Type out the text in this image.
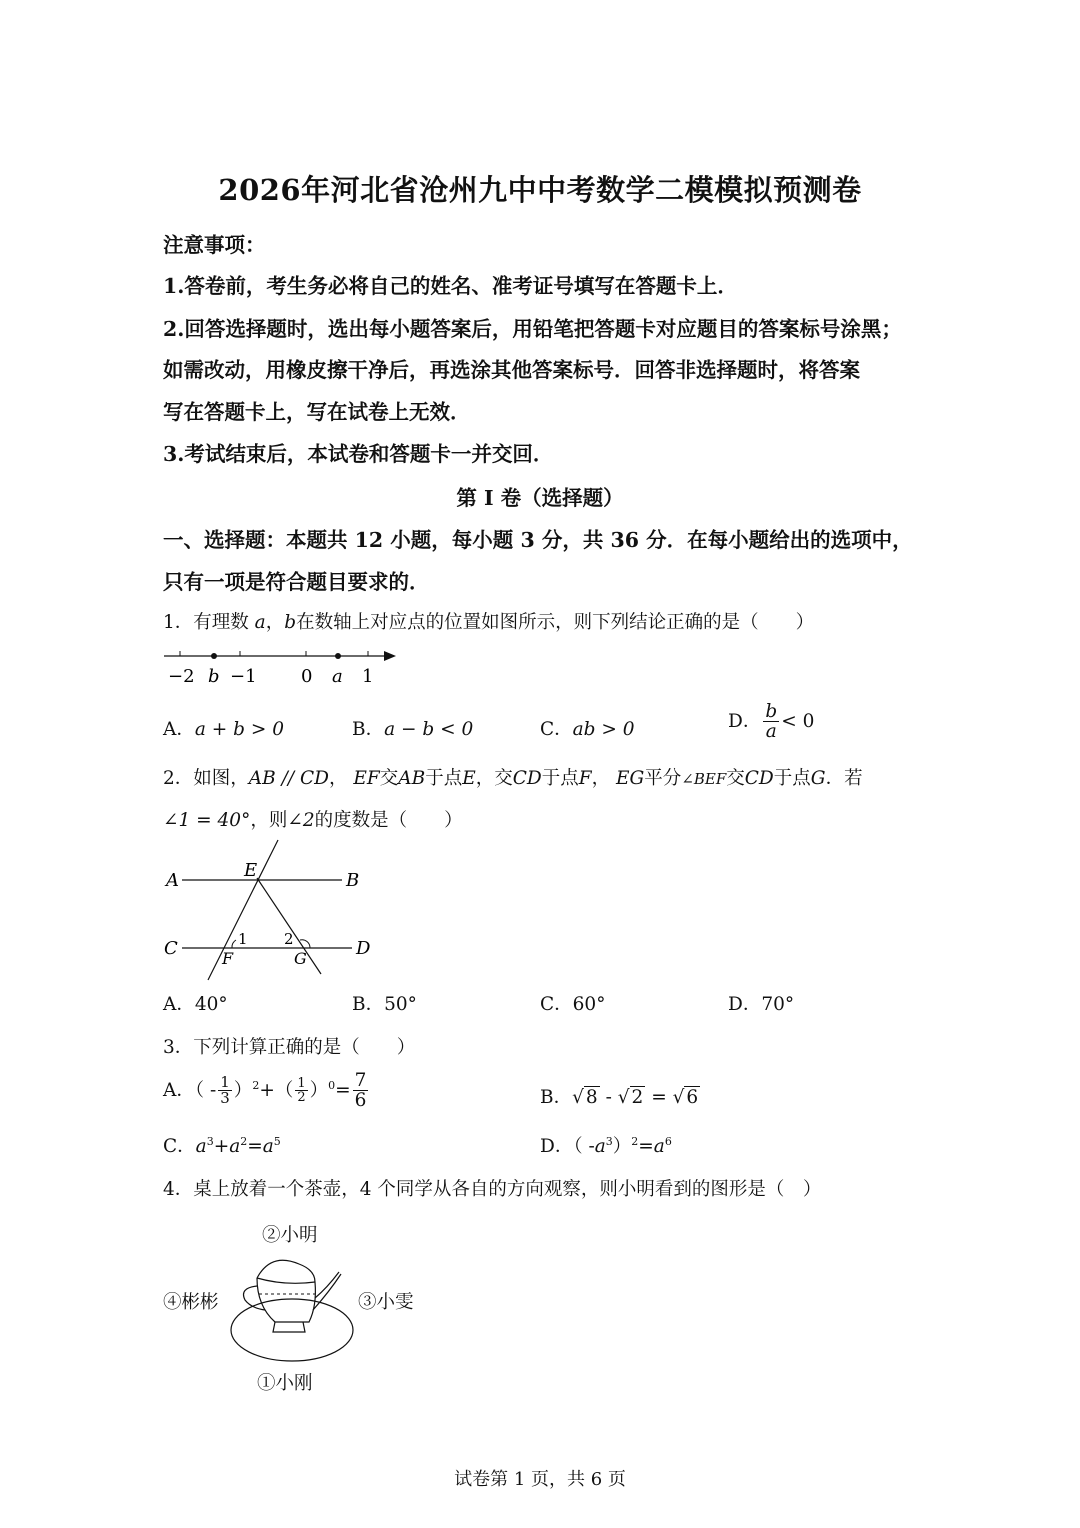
2026年河北省沧州九中中考数学二模模拟预测卷
注意事项：
1.答卷前，考生务必将自己的姓名、准考证号填写在答题卡上．
2.回答选择题时，选出每小题答案后，用铅笔把答题卡对应题目的答案标号涂黑；
如需改动，用橡皮擦干净后，再选涂其他答案标号．回答非选择题时，将答案
写在答题卡上，写在试卷上无效．
3.考试结束后，本试卷和答题卡一并交回．
第 I 卷（选择题）
一、选择题：本题共 12 小题，每小题 3 分，共 36 分．在每小题给出的选项中，
只有一项是符合题目要求的．
1．有理数 a，b在数轴上对应点的位置如图所示，则下列结论正确的是（　　）
−2 b −1 0 a 1
A．a + b > 0	B．a − b < 0	C．ab > 0	D． $\frac{b}{a} < 0$
2．如图，AB // CD， EF交AB于点E，交CD于点F， EG平分∠BEF交CD于点G．若
∠1 = 40°，则∠2的度数是（　　）
A	B
C	D
E
F	G
1 2
A．40°	B．50°	C．60°	D．70°
3．下列计算正确的是（　　）
A．（ - $\frac{1}{3} )^2+( \frac{1}{2} )^0= \frac{7}{6}$	B．√ 8 - √ 2 = √ 6
C．$a^3+a^2=a^5$	D．（ $-a^3)^2=a^6$
4．桌上放着一个茶壶，4 个同学从各自的方向观察，则小明看到的图形是（　）
②小明
④彬彬	③小雯
①小刚
试卷第 1 页，共 6 页
